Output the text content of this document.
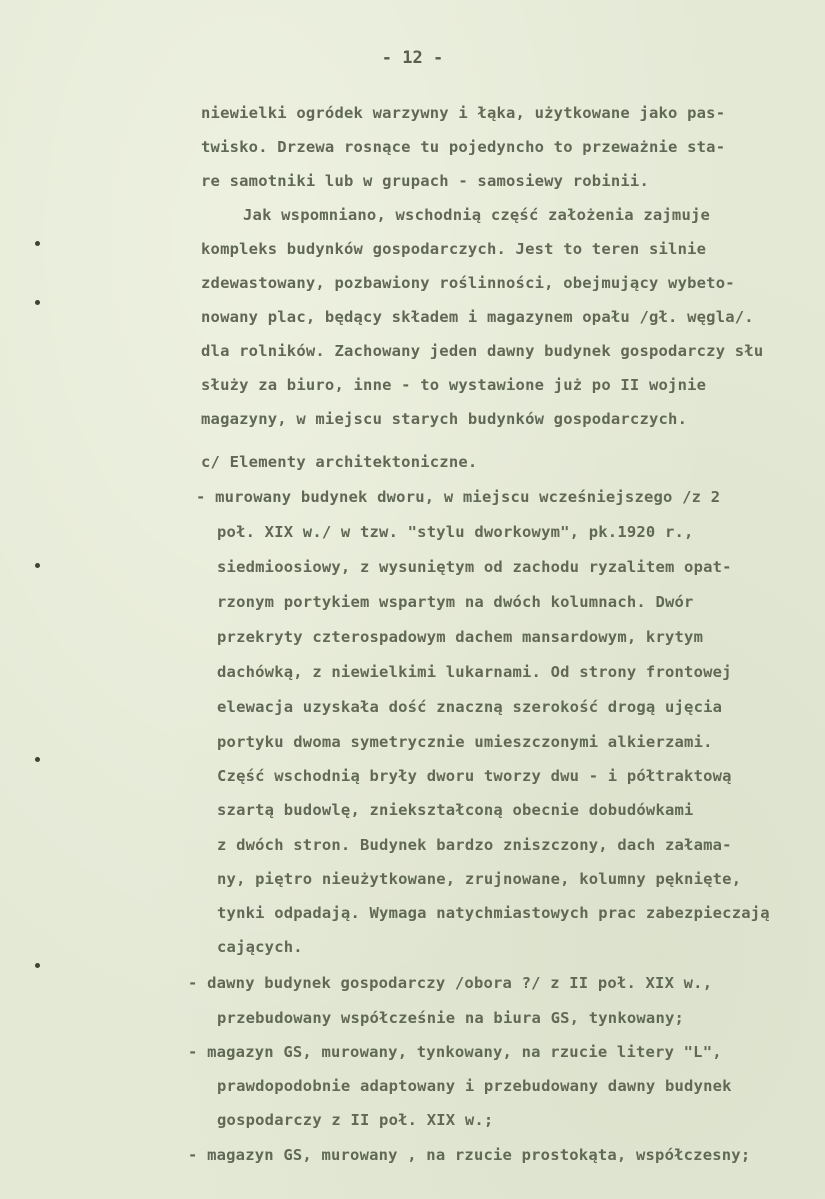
- 12 -
niewielki ogródek warzywny i łąka, użytkowane jako pas-
twisko. Drzewa rosnące tu pojedyncho to przeważnie sta-
re samotniki lub w grupach - samosiewy robinii.
Jak wspomniano, wschodnią część założenia zajmuje
kompleks budynków gospodarczych. Jest to teren silnie
zdewastowany, pozbawiony roślinności, obejmujący wybeto-
nowany plac, będący składem i magazynem opału /gł. węgla/.
dla rolników. Zachowany jeden dawny budynek gospodarczy słu
służy za biuro, inne - to wystawione już po II wojnie
magazyny, w miejscu starych budynków gospodarczych.
c/ Elementy architektoniczne.
- murowany budynek dworu, w miejscu wcześniejszego /z 2
poł. XIX w./ w tzw. "stylu dworkowym", pk.1920 r.,
siedmioosiowy, z wysuniętym od zachodu ryzalitem opat-
rzonym portykiem wspartym na dwóch kolumnach. Dwór
przekryty czterospadowym dachem mansardowym, krytym
dachówką, z niewielkimi lukarnami. Od strony frontowej
elewacja uzyskała dość znaczną szerokość drogą ujęcia
portyku dwoma symetrycznie umieszczonymi alkierzami.
Część wschodnią bryły dworu tworzy dwu - i półtraktową
szartą budowlę, zniekształconą obecnie dobudówkami
z dwóch stron. Budynek bardzo zniszczony, dach załama-
ny, piętro nieużytkowane, zrujnowane, kolumny pęknięte,
tynki odpadają. Wymaga natychmiastowych prac zabezpieczają
cających.
- dawny budynek gospodarczy /obora ?/ z II poł. XIX w.,
przebudowany współcześnie na biura GS, tynkowany;
- magazyn GS, murowany, tynkowany, na rzucie litery "L",
prawdopodobnie adaptowany i przebudowany dawny budynek
gospodarczy z II poł. XIX w.;
- magazyn GS, murowany , na rzucie prostokąta, współczesny;
